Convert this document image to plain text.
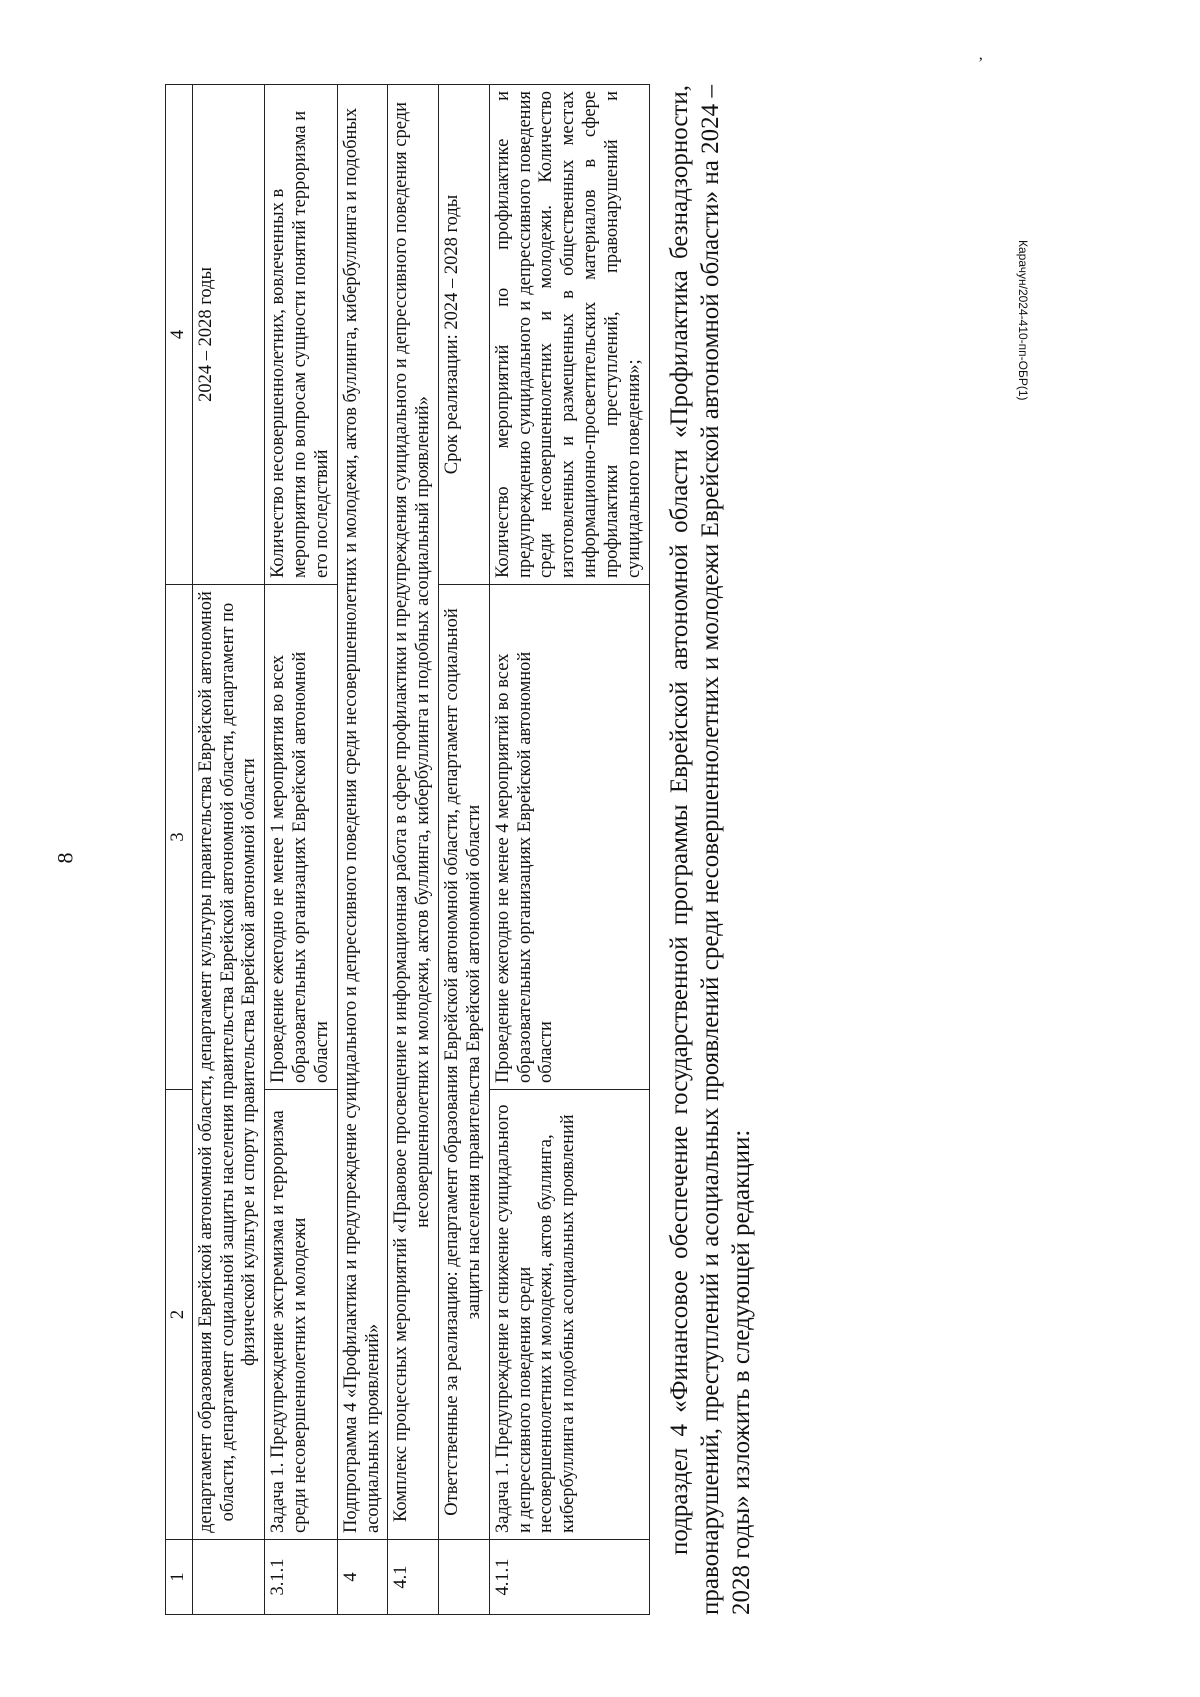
8
Карачун/2024-410-пп-ОБР(1)
ʼ
1	2	3	4
	департамент образования Еврейской автономной области, департамент культуры правительства Еврейской автономной области, департамент социальной защиты населения правительства Еврейской автономной области, департамент по физической культуре и спорту правительства Еврейской автономной области		2024 – 2028 годы
3.1.1	Задача 1. Предупреждение экстремизма и терроризма среди несовершеннолетних и молодежи	Проведение ежегодно не менее 1 мероприятия во всех образовательных организациях Еврейской автономной области	Количество несовершеннолетних, вовлеченных в мероприятия по вопросам сущности понятий терроризма и его последствий
4	Подпрограмма 4 «Профилактика и предупреждение суицидального и депрессивного поведения среди несовершеннолетних и молодежи, актов буллинга, кибербуллинга и подобных асоциальных проявлений»		
4.1	Комплекс процессных мероприятий «Правовое просвещение и информационная работа в сфере профилактики и предупреждения суицидального и депрессивного поведения среди несовершеннолетних и молодежи, актов буллинга, кибербуллинга и подобных асоциальный проявлений»		
	Ответственные за реализацию: департамент образования Еврейской автономной области, департамент социальной защиты населения правительства Еврейской автономной области		Срок реализации: 2024 – 2028 годы
4.1.1	Задача 1. Предупреждение и снижение суицидального и депрессивного поведения среди несовершеннолетних и молодежи, актов буллинга, кибербуллинга и подобных асоциальных проявлений	Проведение ежегодно не менее 4 мероприятий во всех образовательных организациях Еврейской автономной области	Количество мероприятий по профилактике и предупреждению суицидального и депрессивного поведения среди несовершеннолетних и молодежи. Количество изготовленных и размещенных в общественных местах информационно-просветительских материалов в сфере профилактики преступлений, правонарушений и суицидального поведения»; подраздел 4 «Финансовое обеспечение государственной программы Еврейской автономной области «Профилактика безнадзорности, правонарушений, преступлений и асоциальных проявлений среди несовершеннолетних и молодежи Еврейской автономной области» на 2024 – 2028 годы» изложить в следующей редакции:
